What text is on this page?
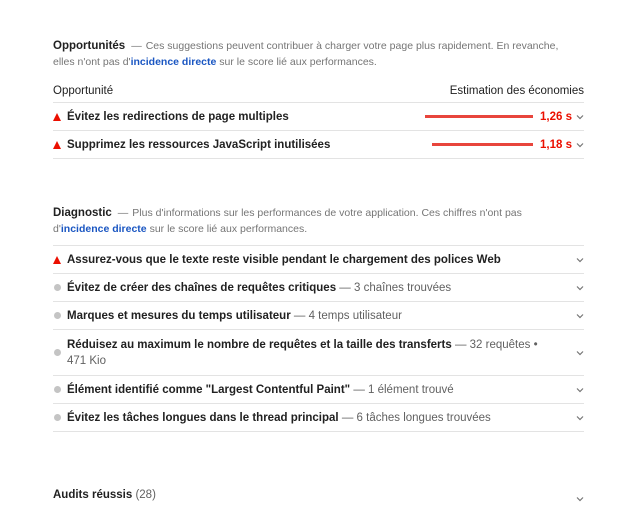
Opportunités — Ces suggestions peuvent contribuer à charger votre page plus rapidement. En revanche,
elles n'ont pas d'incidence directe sur le score lié aux performances.
Opportunité	Estimation des économies
Évitez les redirections de page multiples	1,26 s
Supprimez les ressources JavaScript inutilisées	1,18 s
Diagnostic — Plus d'informations sur les performances de votre application. Ces chiffres n'ont pas
d'incidence directe sur le score lié aux performances.
Assurez-vous que le texte reste visible pendant le chargement des polices Web
Évitez de créer des chaînes de requêtes critiques — 3 chaînes trouvées
Marques et mesures du temps utilisateur — 4 temps utilisateur
Réduisez au maximum le nombre de requêtes et la taille des transferts — 32 requêtes •
471 Kio
Élément identifié comme "Largest Contentful Paint" — 1 élément trouvé
Évitez les tâches longues dans le thread principal — 6 tâches longues trouvées
Audits réussis (28)
